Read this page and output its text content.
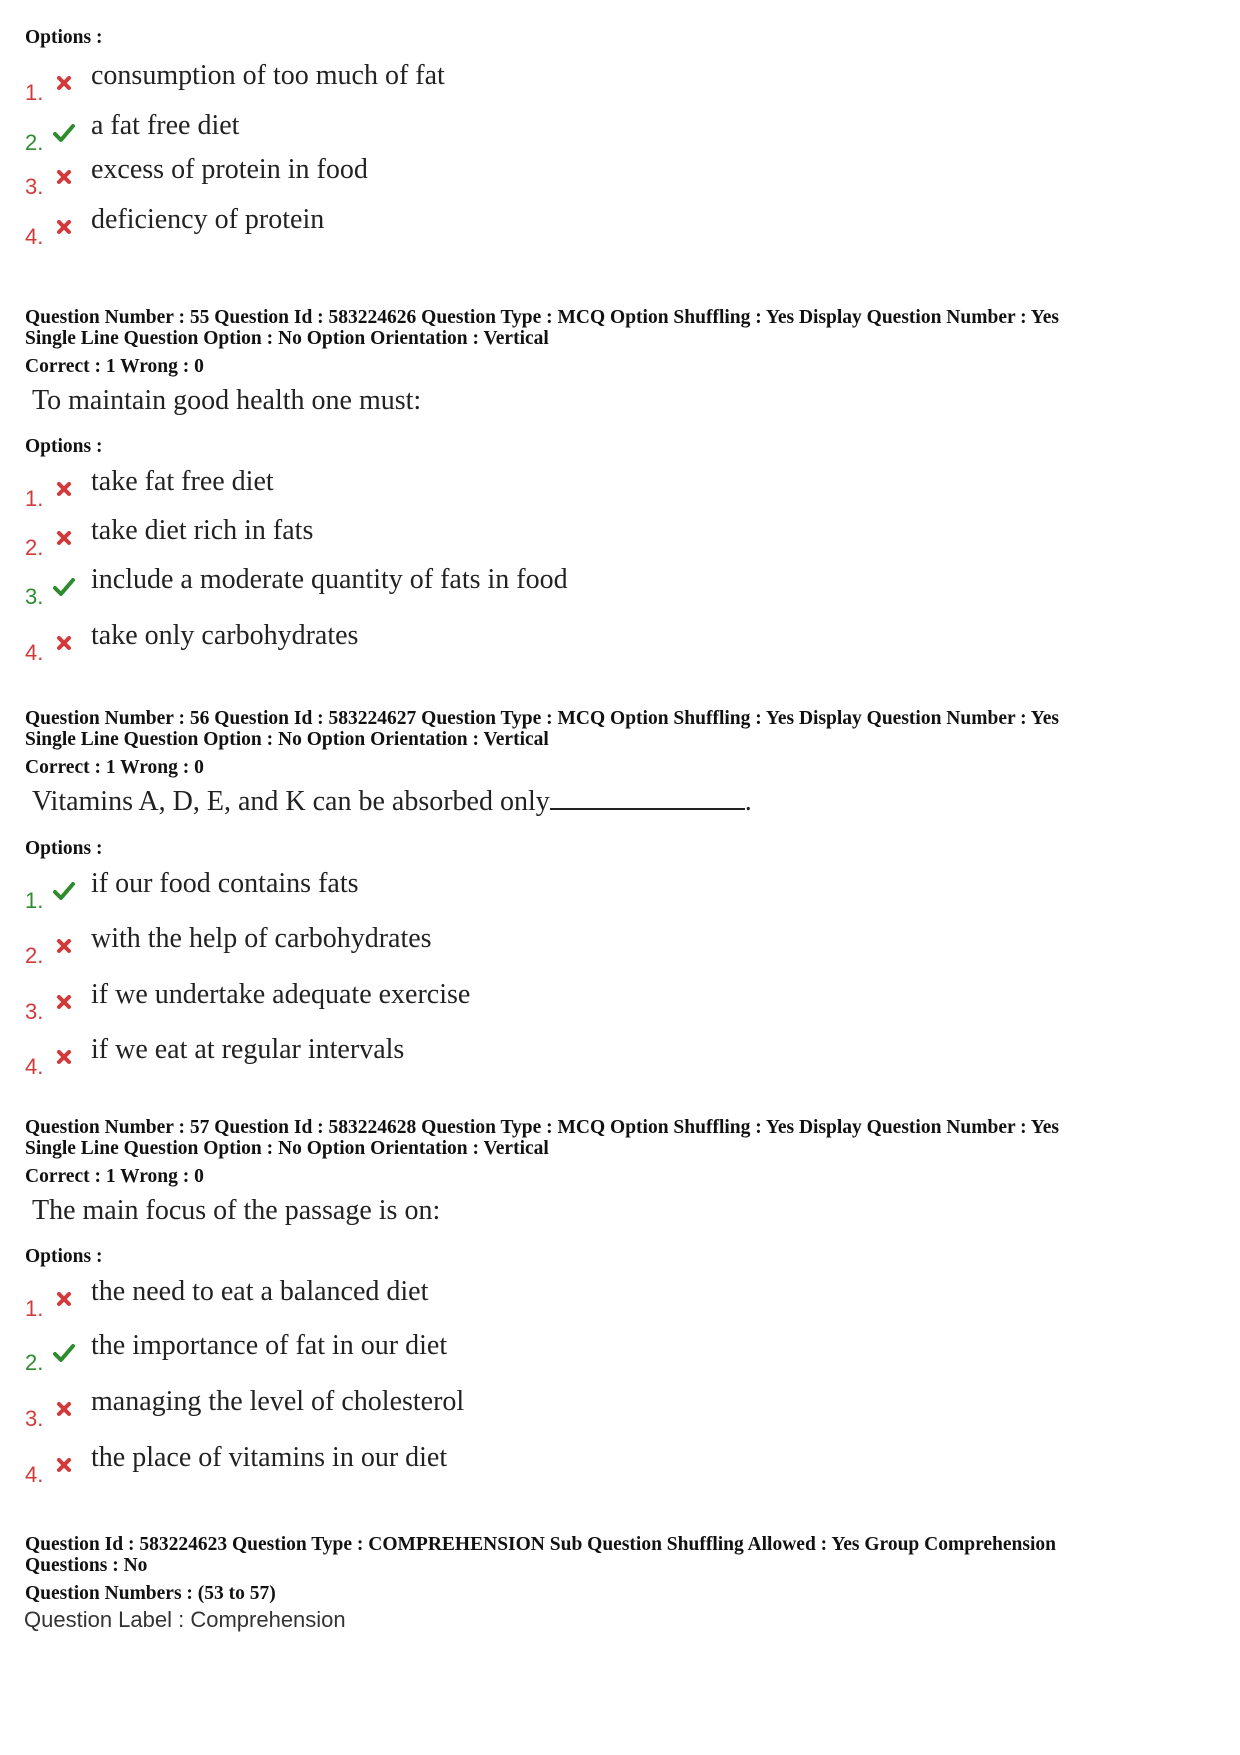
Options :
1.
consumption of too much of fat
2.
a fat free diet
3.
excess of protein in food
4.
deficiency of protein
Question Number : 55 Question Id : 583224626 Question Type : MCQ Option Shuffling : Yes Display Question Number : Yes
Single Line Question Option : No Option Orientation : Vertical
Correct : 1 Wrong : 0
To maintain good health one must:
Options :
1.
take fat free diet
2.
take diet rich in fats
3.
include a moderate quantity of fats in food
4.
take only carbohydrates
Question Number : 56 Question Id : 583224627 Question Type : MCQ Option Shuffling : Yes Display Question Number : Yes
Single Line Question Option : No Option Orientation : Vertical
Correct : 1 Wrong : 0
Vitamins A, D, E, and K can be absorbed only	.
Options :
1.
if our food contains fats
2.
with the help of carbohydrates
3.
if we undertake adequate exercise
4.
if we eat at regular intervals
Question Number : 57 Question Id : 583224628 Question Type : MCQ Option Shuffling : Yes Display Question Number : Yes
Single Line Question Option : No Option Orientation : Vertical
Correct : 1 Wrong : 0
The main focus of the passage is on:
Options :
1.
the need to eat a balanced diet
2.
the importance of fat in our diet
3.
managing the level of cholesterol
4.
the place of vitamins in our diet
Question Id : 583224623 Question Type : COMPREHENSION Sub Question Shuffling Allowed : Yes Group Comprehension
Questions : No
Question Numbers : (53 to 57)
Question Label : Comprehension
